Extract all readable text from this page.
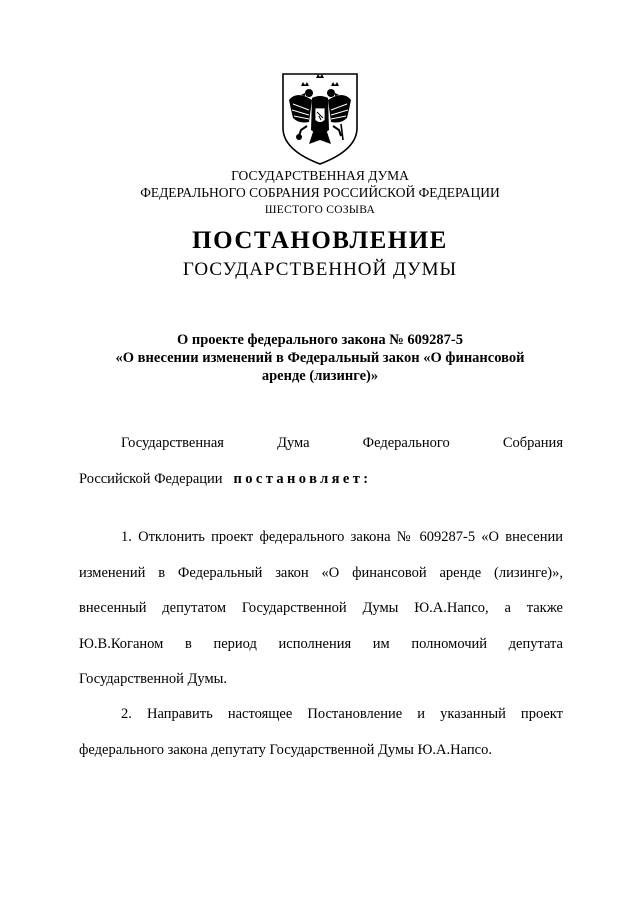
ГОСУДАРСТВЕННАЯ ДУМА
ФЕДЕРАЛЬНОГО СОБРАНИЯ РОССИЙСКОЙ ФЕДЕРАЦИИ
ШЕСТОГО СОЗЫВА
ПОСТАНОВЛЕНИЕ
ГОСУДАРСТВЕННОЙ ДУМЫ
О проекте федерального закона № 609287-5
«О внесении изменений в Федеральный закон «О финансовой
аренде (лизинге)»
Государственная Дума Федерального Собрания
Российской Федерации постановляет:
1. Отклонить проект федерального закона № 609287-5 «О внесении
изменений в Федеральный закон «О финансовой аренде (лизинге)»,
внесенный депутатом Государственной Думы Ю.А.Напсо, а также
Ю.В.Коганом в период исполнения им полномочий депутата
Государственной Думы.
2. Направить настоящее Постановление и указанный проект
федерального закона депутату Государственной Думы Ю.А.Напсо.
